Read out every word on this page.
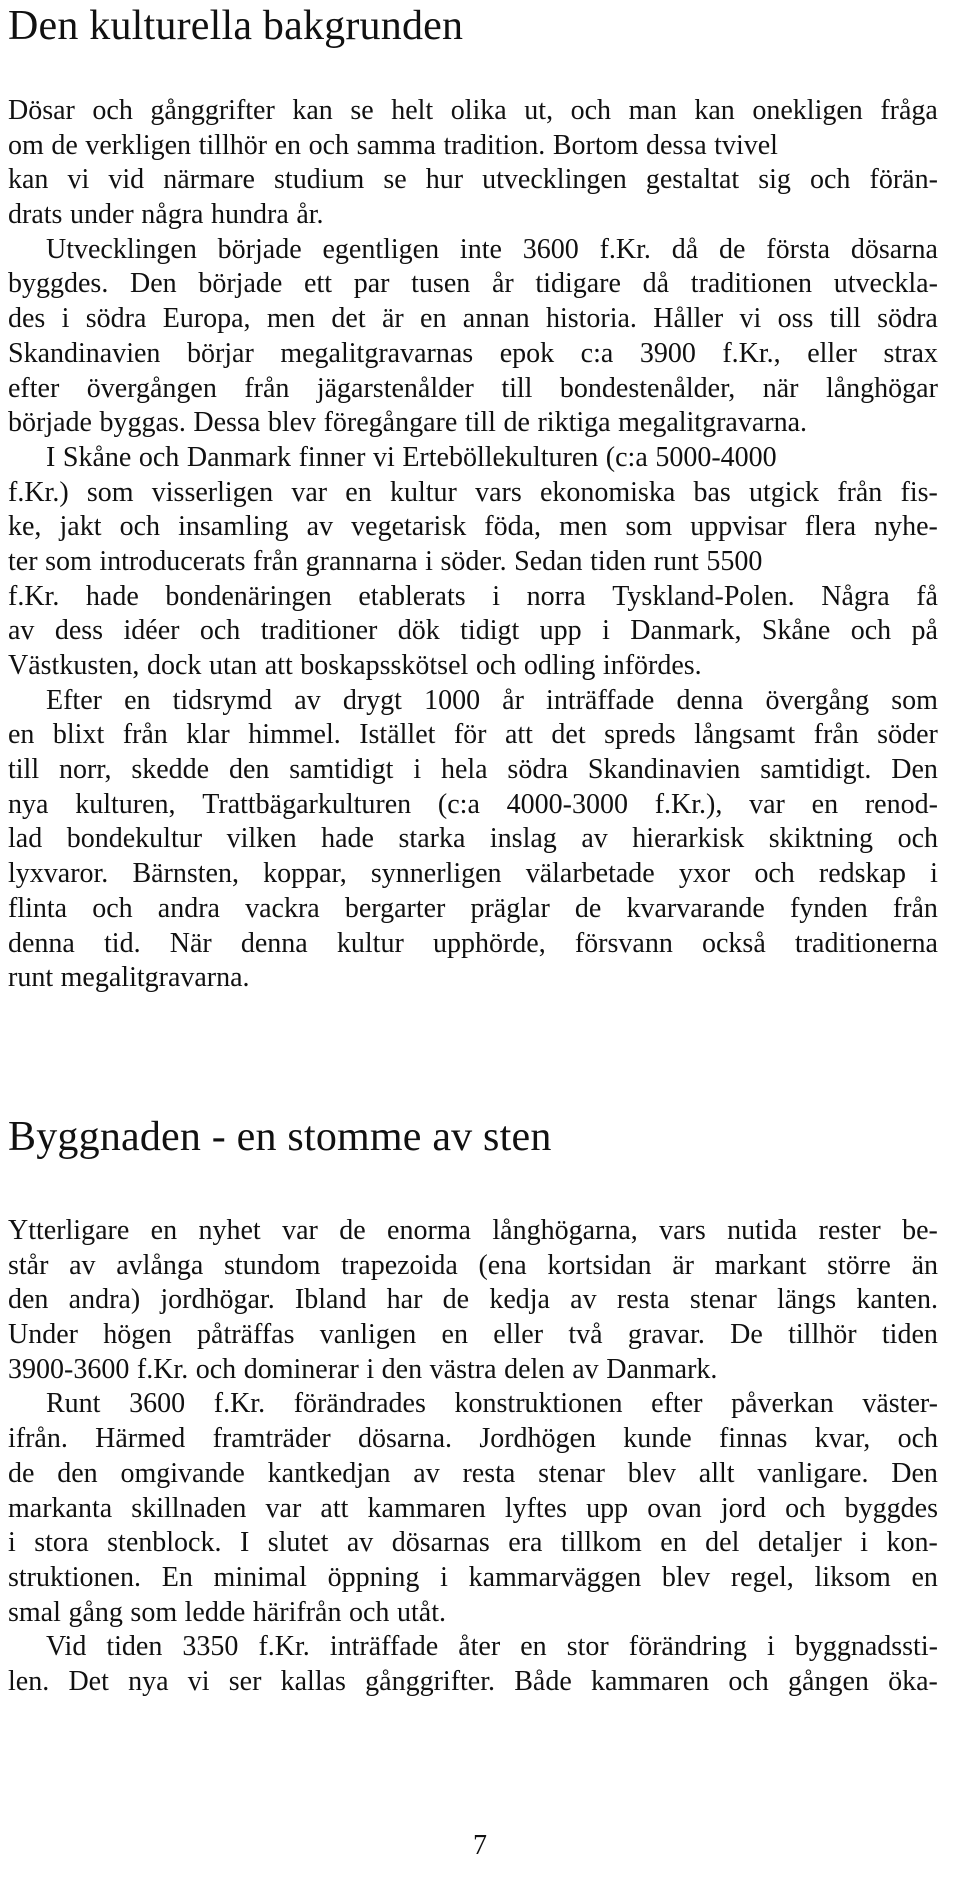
Den kulturella bakgrunden
Dösar och gånggrifter kan se helt olika ut, och man kan onekligen fråga
om de verkligen tillhör en och samma tradition. Bortom dessa tvivel
kan vi vid närmare studium se hur utvecklingen gestaltat sig och förän-
drats under några hundra år.
Utvecklingen började egentligen inte 3600 f.Kr. då de första dösarna
byggdes. Den började ett par tusen år tidigare då traditionen utveckla-
des i södra Europa, men det är en annan historia. Håller vi oss till södra
Skandinavien börjar megalitgravarnas epok c:a 3900 f.Kr., eller strax
efter övergången från jägarstenålder till bondestenålder, när långhögar
började byggas. Dessa blev föregångare till de riktiga megalitgravarna.
I Skåne och Danmark finner vi Erteböllekulturen (c:a 5000-4000
f.Kr.) som visserligen var en kultur vars ekonomiska bas utgick från fis-
ke, jakt och insamling av vegetarisk föda, men som uppvisar flera nyhe-
ter som introducerats från grannarna i söder. Sedan tiden runt 5500
f.Kr. hade bondenäringen etablerats i norra Tyskland-Polen. Några få
av dess idéer och traditioner dök tidigt upp i Danmark, Skåne och på
Västkusten, dock utan att boskapsskötsel och odling infördes.
Efter en tidsrymd av drygt 1000 år inträffade denna övergång som
en blixt från klar himmel. Istället för att det spreds långsamt från söder
till norr, skedde den samtidigt i hela södra Skandinavien samtidigt. Den
nya kulturen, Trattbägarkulturen (c:a 4000-3000 f.Kr.), var en renod-
lad bondekultur vilken hade starka inslag av hierarkisk skiktning och
lyxvaror. Bärnsten, koppar, synnerligen välarbetade yxor och redskap i
flinta och andra vackra bergarter präglar de kvarvarande fynden från
denna tid. När denna kultur upphörde, försvann också traditionerna
runt megalitgravarna.
Byggnaden - en stomme av sten
Ytterligare en nyhet var de enorma långhögarna, vars nutida rester be-
står av avlånga stundom trapezoida (ena kortsidan är markant större än
den andra) jordhögar. Ibland har de kedja av resta stenar längs kanten.
Under högen påträffas vanligen en eller två gravar. De tillhör tiden
3900-3600 f.Kr. och dominerar i den västra delen av Danmark.
Runt 3600 f.Kr. förändrades konstruktionen efter påverkan väster-
ifrån. Härmed framträder dösarna. Jordhögen kunde finnas kvar, och
de den omgivande kantkedjan av resta stenar blev allt vanligare. Den
markanta skillnaden var att kammaren lyftes upp ovan jord och byggdes
i stora stenblock. I slutet av dösarnas era tillkom en del detaljer i kon-
struktionen. En minimal öppning i kammarväggen blev regel, liksom en
smal gång som ledde härifrån och utåt.
Vid tiden 3350 f.Kr. inträffade åter en stor förändring i byggnadssti-
len. Det nya vi ser kallas gånggrifter. Både kammaren och gången öka-
7
